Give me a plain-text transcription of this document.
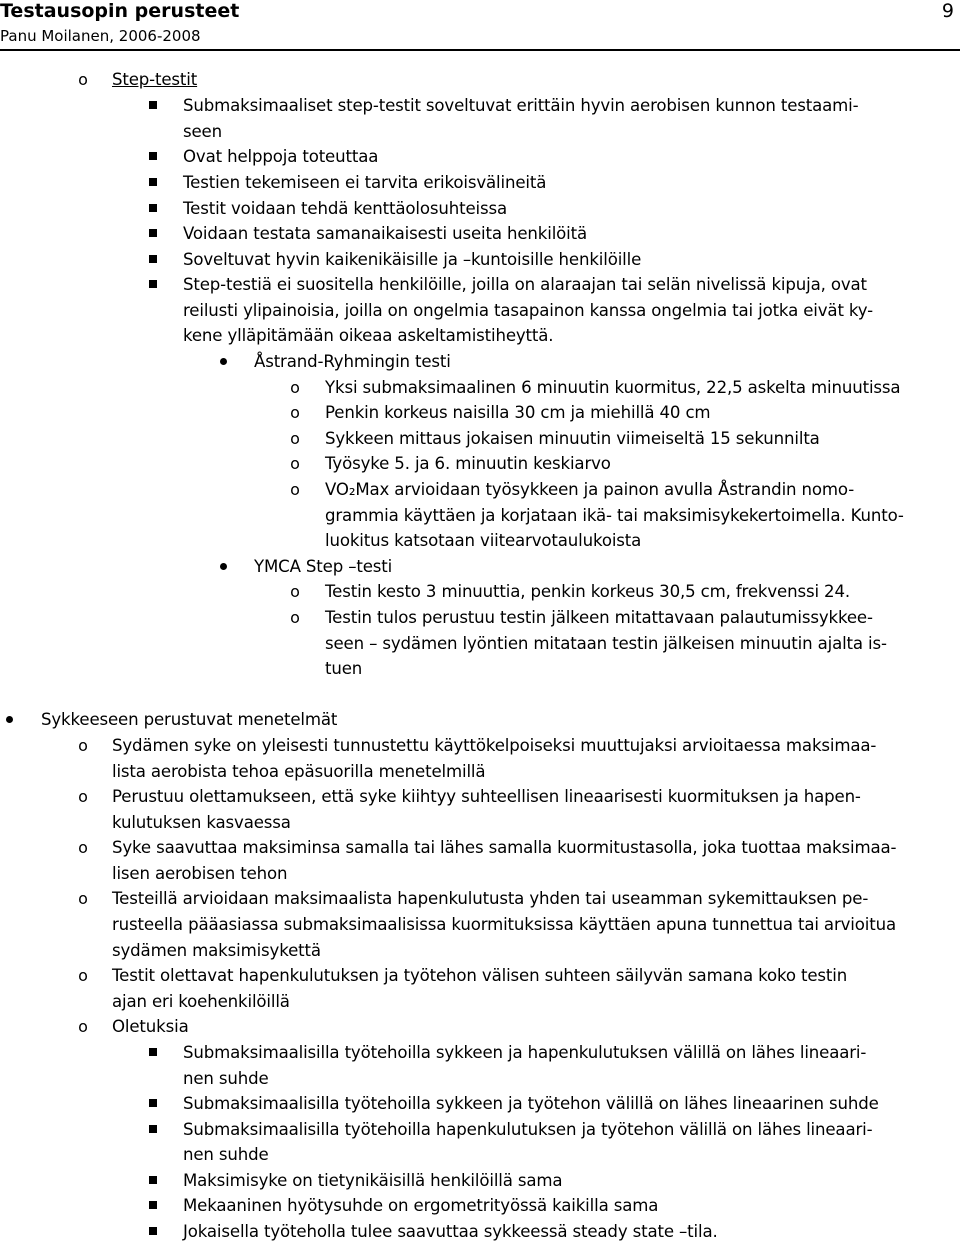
Testausopin perusteet
Panu Moilanen, 2006-2008
9
o Step-testit
Submaksimaaliset step-testit soveltuvat erittäin hyvin aerobisen kunnon testaami-
seen
Ovat helppoja toteuttaa
Testien tekemiseen ei tarvita erikoisvälineitä
Testit voidaan tehdä kenttäolosuhteissa
Voidaan testata samanaikaisesti useita henkilöitä
Soveltuvat hyvin kaikenikäisille ja –kuntoisille henkilöille
Step-testiä ei suositella henkilöille, joilla on alaraajan tai selän nivelissä kipuja, ovat
reilusti ylipainoisia, joilla on ongelmia tasapainon kanssa ongelmia tai jotka eivät ky-
kene ylläpitämään oikeaa askeltamistiheyttä.
Åstrand-Ryhmingin testi
o Yksi submaksimaalinen 6 minuutin kuormitus, 22,5 askelta minuutissa
o Penkin korkeus naisilla 30 cm ja miehillä 40 cm
o Sykkeen mittaus jokaisen minuutin viimeiseltä 15 sekunnilta
o Työsyke 5. ja 6. minuutin keskiarvo
o VO₂Max arvioidaan työsykkeen ja painon avulla Åstrandin nomo-
grammia käyttäen ja korjataan ikä- tai maksimisykekertoimella. Kunto-
luokitus katsotaan viitearvotaulukoista
YMCA Step –testi
o Testin kesto 3 minuuttia, penkin korkeus 30,5 cm, frekvenssi 24.
o Testin tulos perustuu testin jälkeen mitattavaan palautumissykkee-
seen – sydämen lyöntien mitataan testin jälkeisen minuutin ajalta is-
tuen
Sykkeeseen perustuvat menetelmät
o Sydämen syke on yleisesti tunnustettu käyttökelpoiseksi muuttujaksi arvioitaessa maksimaa-
lista aerobista tehoa epäsuorilla menetelmillä
o Perustuu olettamukseen, että syke kiihtyy suhteellisen lineaarisesti kuormituksen ja hapen-
kulutuksen kasvaessa
o Syke saavuttaa maksiminsa samalla tai lähes samalla kuormitustasolla, joka tuottaa maksimaa-
lisen aerobisen tehon
o Testeillä arvioidaan maksimaalista hapenkulutusta yhden tai useamman sykemittauksen pe-
rusteella pääasiassa submaksimaalisissa kuormituksissa käyttäen apuna tunnettua tai arvioitua
sydämen maksimisykettä
o Testit olettavat hapenkulutuksen ja työtehon välisen suhteen säilyvän samana koko testin
ajan eri koehenkilöillä
o Oletuksia
Submaksimaalisilla työtehoilla sykkeen ja hapenkulutuksen välillä on lähes lineaari-
nen suhde
Submaksimaalisilla työtehoilla sykkeen ja työtehon välillä on lähes lineaarinen suhde
Submaksimaalisilla työtehoilla hapenkulutuksen ja työtehon välillä on lähes lineaari-
nen suhde
Maksimisyke on tietynikäisillä henkilöillä sama
Mekaaninen hyötysuhde on ergometrityössä kaikilla sama
Jokaisella työteholla tulee saavuttaa sykkeessä steady state –tila.
